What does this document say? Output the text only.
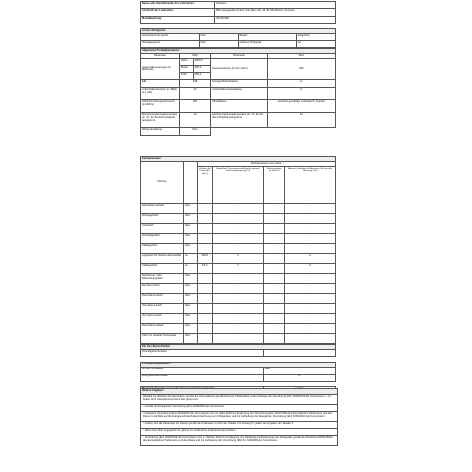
Name oder Handelsmarke des Lieferanten:	Siemens
Anschrift des Lieferanten	BSH Hausgeräte GmbH, Carl-Wery-Str. 34, 81739 Munich, Germany
Modellkennung:	GS 51NAD
Art des Kühlgeräts:			
Geräuscharmes Gerät:	Nein	Bauart:	Eingebaut
Weinlagergerät:	Nein	Anderes Kühlgerät:	Ja
Allgemeine Produktparameter:				
Parameter	Wert		Parameter	Wert
Gesamtabmessungen (in Millimeter)	Höhe	1860.0	Gesamtvolumen (in dm³ oder l)	300
	Breite	600.0		
	Tiefe	650.0		
EEI	108		Energieeffizienzklasse	E
Luftschallemissionen (in dB(A) re 1 pW)	42		Luftschallemissionsklasse	D
Jährlicher Energieverbrauch (in kWh/a)	287		Klimaklasse:	erweitert-gemäßigt, subtropisch, tropisch
Mindestumgebungstemperatur (in °C), für die das Kühlgerät geeignet ist	10		Höchstumgebungstemperatur (in °C), für die das Kühlgerät geeignet ist	43
Wintereinstellung	Nein			
Fachparameter:					
Fachtyp		Fachparameter und -werte			
		Volumen des Fachs (dm³ oder l)	Empfohlene Temperatureinstellung für optimale Lebensmittellagerung (°C)	Gefriervermögen (in kg/24 h)	Abtauart (automatische Abtauung = A, manuelle Abtauung = M)
Speisekammerfach	Nein	-	-	-	-
Weinlagerfach	Nein	-	-	-	-
Kellerfach	Nein	-	-	-	-
Frischlagerfach	Nein	-	-	-	-
Kaltlagerfach	Nein	-	-	-	-
Lagerfach für frische Lebensmittel	Ja	300.0	4	-	A
Kaltlagerfach	Ja	51.0	2	-	A
Null-Sterne- oder Eisbereitungsfach	Nein	-	-	-	-
Ein-Stern-Fach	Nein	-	-	-	-
Zwei-Sterne-Fach	Nein	-	-	-	-
Drei-Sterne-Fach	Nein	-	-	-	-
Vier-Sterne-Fach	Nein	-	-	-	-
Zwei-Sterne-Abteil	Nein	-	-	-	-
Fach mit variabler Temperatur	Nein	-	-	-	-
Für Vier-Sterne-Fächer	
Schnellgefrierfunktion	

Lichtquellenparameter:	
Art der Lichtquelle:	LED
Energieeffizienzklasse	G

Weitere Angaben:
Weblink zur Website des Herstellers, auf der die Informationen gemäß Nummer 4 Buchstabe a des Anhangs der Verordnung (EU) 2019/2019 der Kommission ¹ ² zu finden sind: www.siemens-home.bsh-group.com
¹ Gemäß der Delegierten Verordnung (EU) 2019/2016 der Kommission.
² Delegierte Verordnung (EU) 2019/2016 der Kommission vom 11. März 2019 zur Ergänzung der Verordnung (EU) 2017/1369 des Europäischen Parlaments und des Rates im Hinblick auf die Energieverbrauchskennzeichnung von Kühlgeräten und zur Aufhebung der Delegierten Verordnung (EU) 1060/2010 der Kommission.
³ Ändern sich die Parameter für Fächer gemäß den Fußnoten 4 und 5 der Tabelle 3 in Anhang IV, gelten die Angaben der Tabelle 3.
⁴ Wenn kein Wert angegeben ist, gibt es im Gerät keine entsprechende Funktion.
⁵ Verordnung (EU) 2019/2019 der Kommission vom 1. Oktober 2019 zur Festlegung von Ökodesign-Anforderungen an Kühlgeräte gemäß der Richtlinie 2009/125/EG des Europäischen Parlaments und des Rates und zur Aufhebung der Verordnung (EG) Nr. 643/2009 der Kommission.
